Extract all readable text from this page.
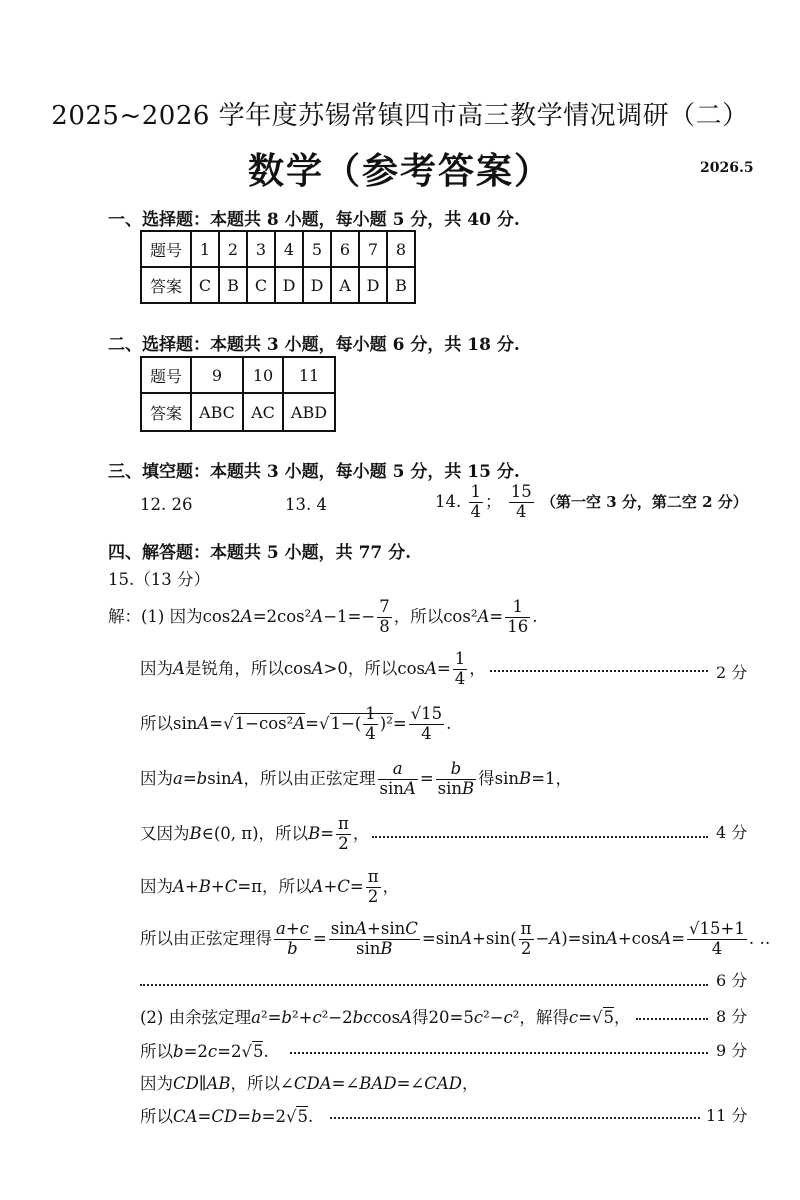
2025~2026 学年度苏锡常镇四市高三教学情况调研（二）
数学（参考答案）	2026.5
一、选择题：本题共 8 小题，每小题 5 分，共 40 分.
题号	1	2	3	4	5	6	7	8
答案	C	B	C	D	D	A	D	B
二、选择题：本题共 3 小题，每小题 6 分，共 18 分.
题号	9	10	11
答案	ABC	AC	ABD
三、填空题：本题共 3 小题，每小题 5 分，共 15 分.
12. 26	13. 4	14. $\frac{1}{4}$ ； $\frac{15}{4}$ （第一空 3 分，第二空 2 分）
四、解答题：本题共 5 小题，共 77 分.
15.（13 分）
解：(1) 因为$\cos 2A=2\cos^2A-1=- \frac{7}{8}$ ，所以$\cos^2A= \frac{1}{16}$ .
因为A是锐角，所以cosA>0，所以$\cos A= \frac{1}{4}$ ，	2 分
所以$\sin A=√1-\cos^2A=√1-( \frac{1}{4} )^2= \frac{√15}{4}$ .
因为a=bsinA，所以由正弦定理 $\frac{a}{\sin A} = \frac{b}{\sin B}$ 得sinB=1，
又因为B∈(0, π)，所以$B= \frac{\pi}{2}$ ，	4 分
因为A+B+C=π，所以$A+C= \frac{\pi}{2}$ ，
所以由正弦定理得 $\frac{a+c}{b} = \frac{\sin A+\sin C}{\sin B} =\sin A+\sin( \frac{\pi}{2} -A)=\sin A+\cos A= \frac{√15+1}{4}$ . ‥
6 分
(2) 由余弦定理a²=b²+c²−2bccosA得20=5c²−c²，解得c=√5，	8 分
所以b=2c=2√5.	9 分
因为CD∥AB，所以∠CDA=∠BAD=∠CAD，
所以CA=CD=b=2√5.	11 分
